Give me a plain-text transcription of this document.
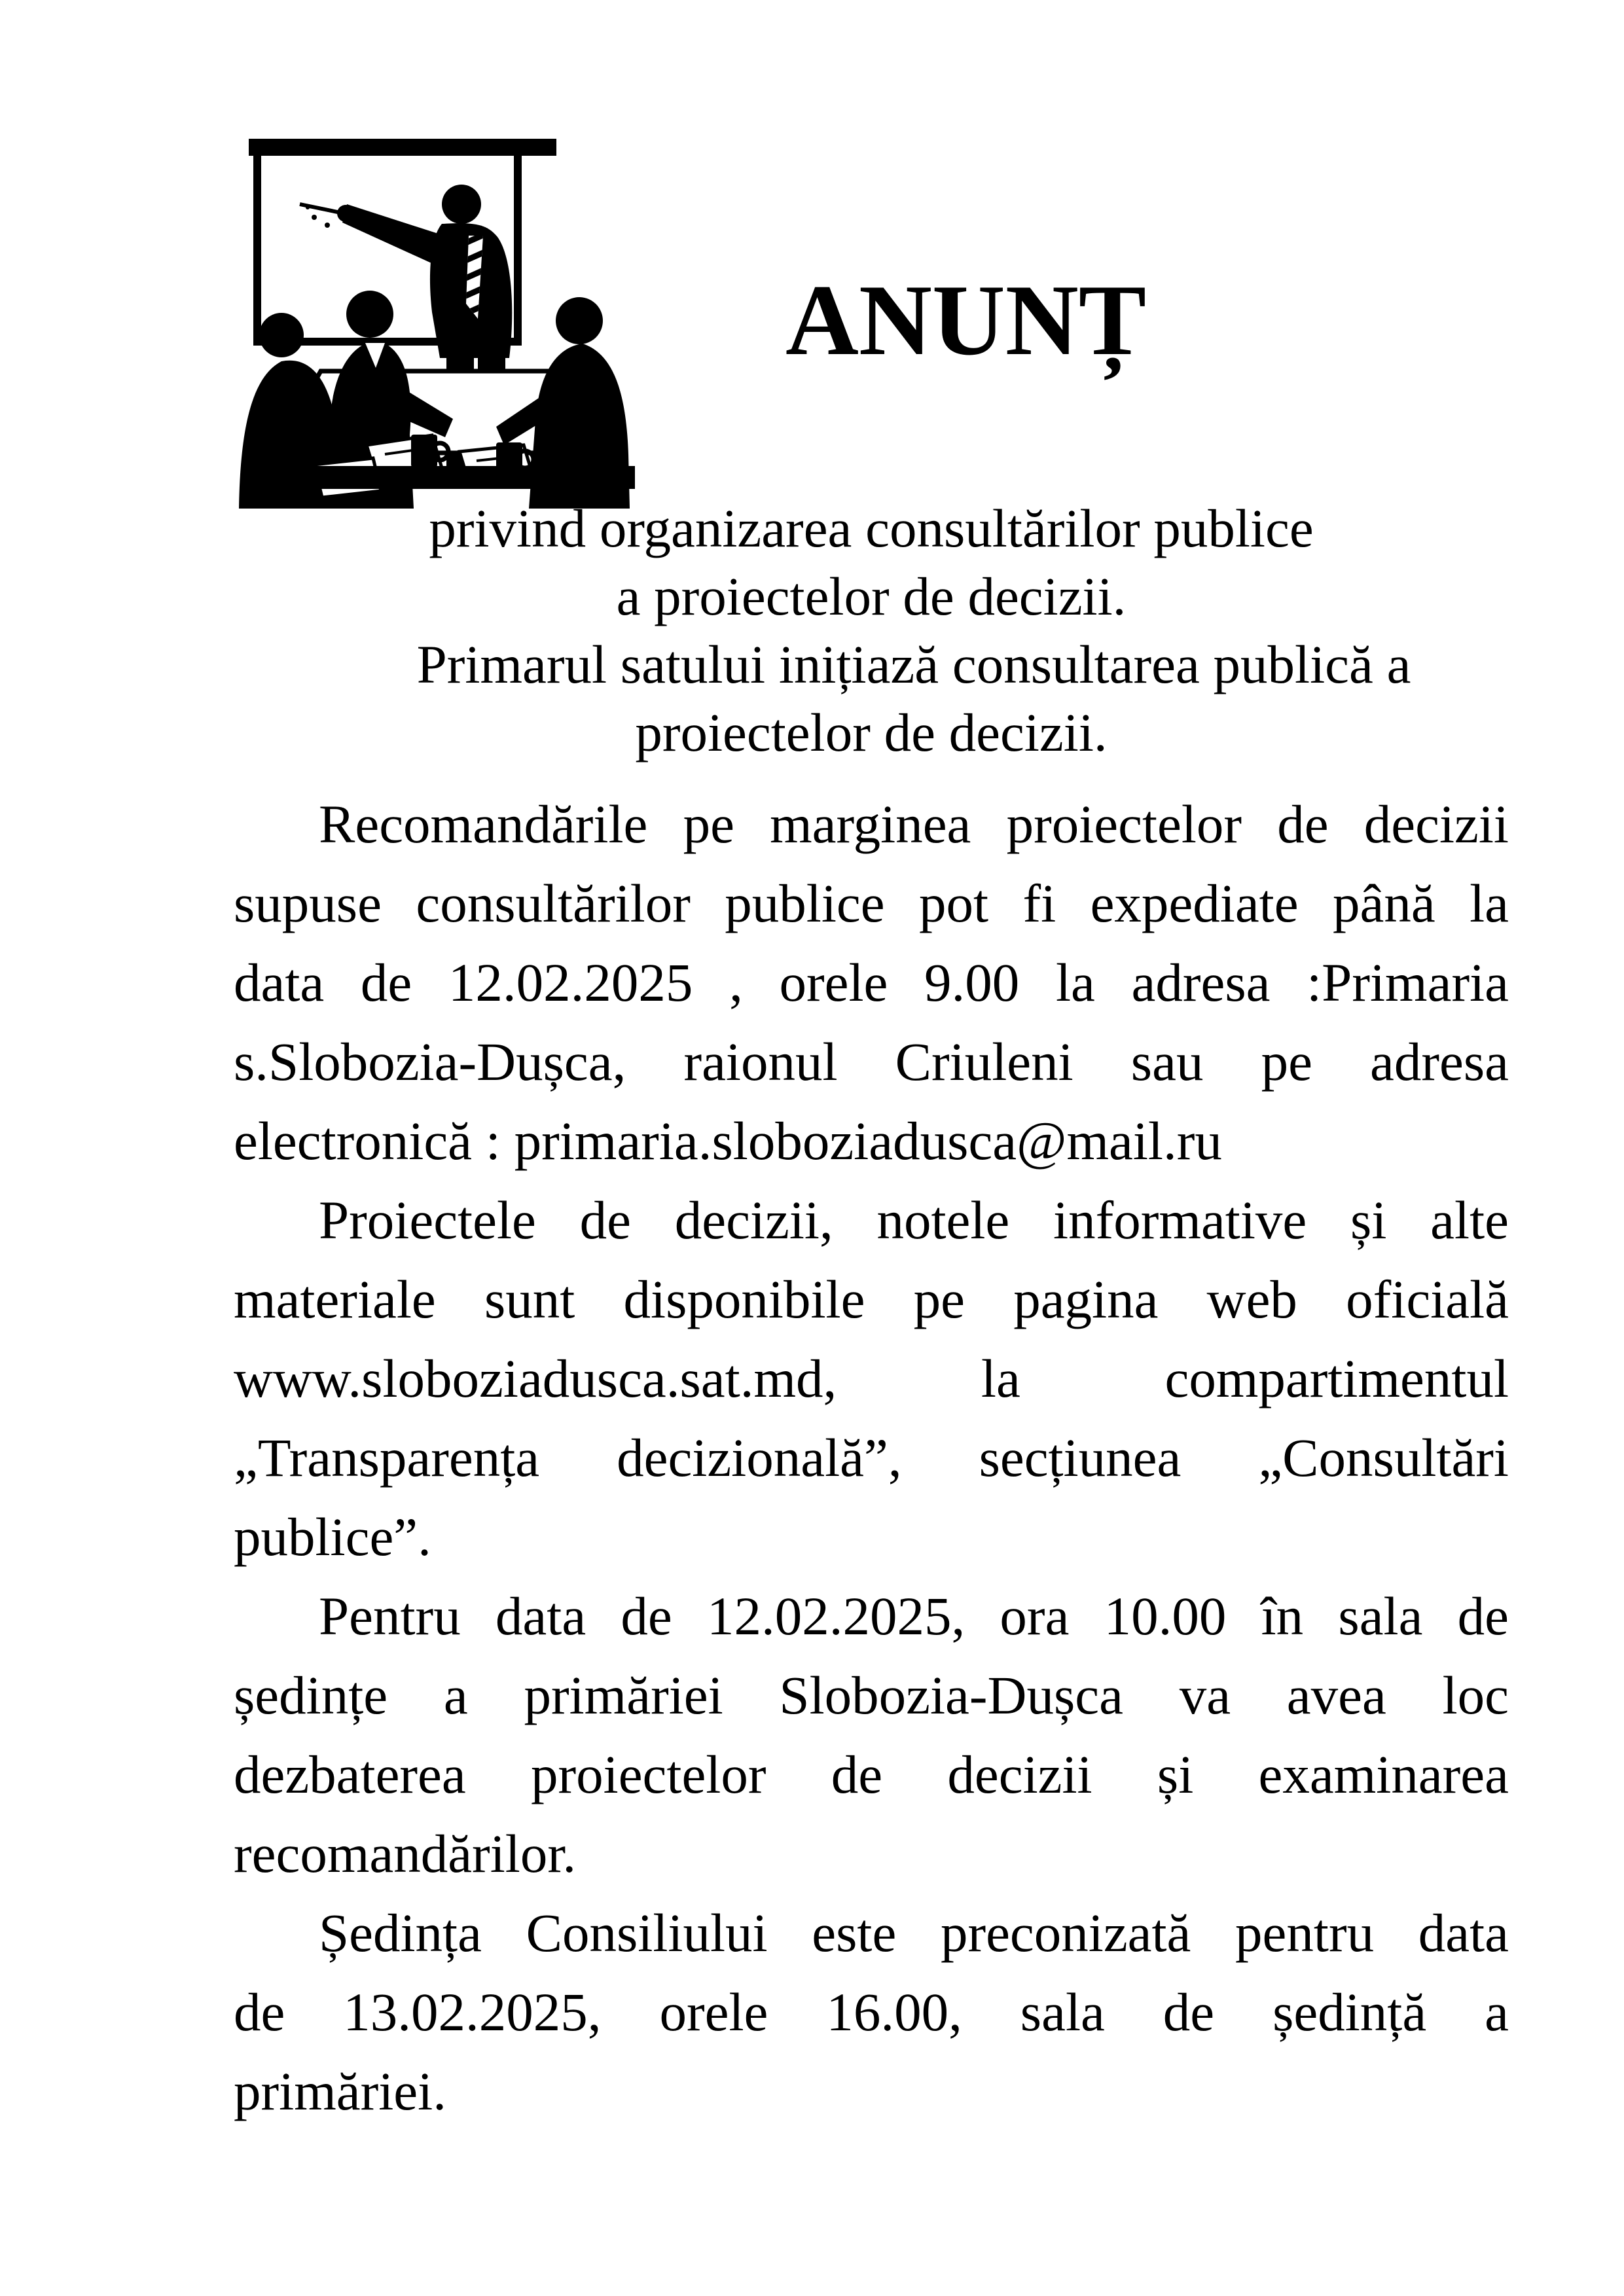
ANUNȚ
privind organizarea consultărilor publice
a proiectelor de decizii.
Primarul satului inițiază consultarea publică a
proiectelor de decizii.
Recomandările pe marginea proiectelor de decizii
supuse consultărilor publice pot fi expediate până la
data de 12.02.2025 , orele 9.00 la adresa :Primaria
s.Slobozia-Dușca, raionul Criuleni sau pe adresa
electronică : primaria.sloboziadusca@mail.ru
Proiectele de decizii, notele informative și alte
materiale sunt disponibile pe pagina web oficială
www.sloboziadusca.sat.md, la compartimentul
„Transparența decizională”, secțiunea „Consultări
publice”.
Pentru data de 12.02.2025, ora 10.00 în sala de
ședințe a primăriei Slobozia-Dușca va avea loc
dezbaterea proiectelor de decizii și examinarea
recomandărilor.
Ședința Consiliului este preconizată pentru data
de 13.02.2025, orele 16.00, sala de ședință a
primăriei.
